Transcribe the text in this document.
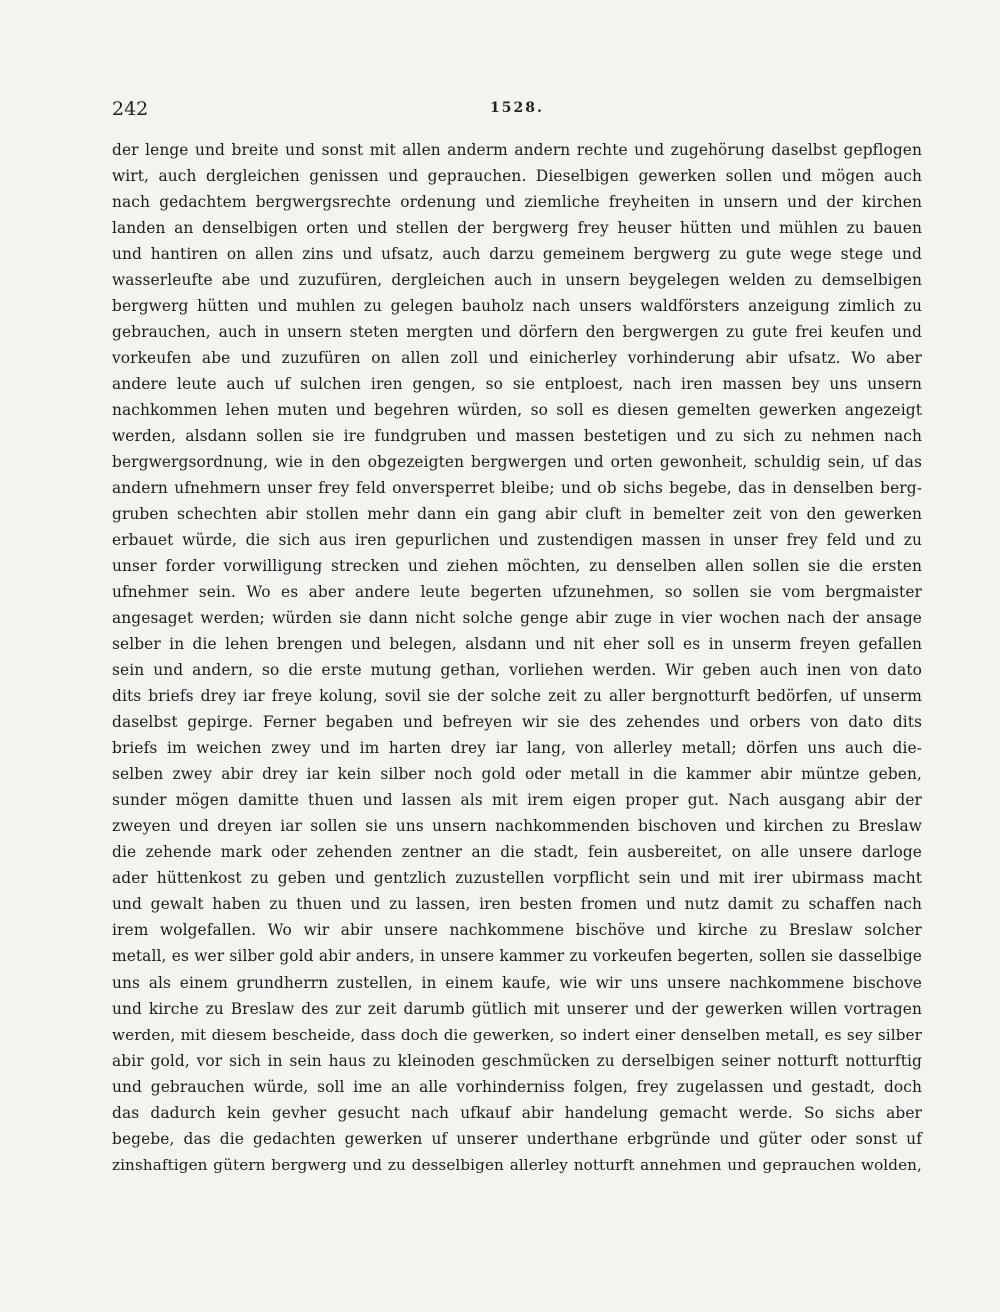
242	1528.
der lenge und breite und sonst mit allen anderm andern rechte und zugehörung daselbst gepflogen
wirt, auch dergleichen genissen und geprauchen. Dieselbigen gewerken sollen und mögen auch
nach gedachtem bergwergsrechte ordenung und ziemliche freyheiten in unsern und der kirchen
landen an denselbigen orten und stellen der bergwerg frey heuser hütten und mühlen zu bauen
und hantiren on allen zins und ufsatz, auch darzu gemeinem bergwerg zu gute wege stege und
wasserleufte abe und zuzufüren, dergleichen auch in unsern beygelegen welden zu demselbigen
bergwerg hütten und muhlen zu gelegen bauholz nach unsers waldförsters anzeigung zimlich zu
gebrauchen, auch in unsern steten mergten und dörfern den bergwergen zu gute frei keufen und
vorkeufen abe und zuzufüren on allen zoll und einicherley vorhinderung abir ufsatz. Wo aber
andere leute auch uf sulchen iren gengen, so sie entploest, nach iren massen bey uns unsern
nachkommen lehen muten und begehren würden, so soll es diesen gemelten gewerken angezeigt
werden, alsdann sollen sie ire fundgruben und massen bestetigen und zu sich zu nehmen nach
bergwergsordnung, wie in den obgezeigten bergwergen und orten gewonheit, schuldig sein, uf das
andern ufnehmern unser frey feld onversperret bleibe; und ob sichs begebe, das in denselben berg-
gruben schechten abir stollen mehr dann ein gang abir cluft in bemelter zeit von den gewerken
erbauet würde, die sich aus iren gepurlichen und zustendigen massen in unser frey feld und zu
unser forder vorwilligung strecken und ziehen möchten, zu denselben allen sollen sie die ersten
ufnehmer sein. Wo es aber andere leute begerten ufzunehmen, so sollen sie vom bergmaister
angesaget werden; würden sie dann nicht solche genge abir zuge in vier wochen nach der ansage
selber in die lehen brengen und belegen, alsdann und nit eher soll es in unserm freyen gefallen
sein und andern, so die erste mutung gethan, vorliehen werden. Wir geben auch inen von dato
dits briefs drey iar freye kolung, sovil sie der solche zeit zu aller bergnotturft bedörfen, uf unserm
daselbst gepirge. Ferner begaben und befreyen wir sie des zehendes und orbers von dato dits
briefs im weichen zwey und im harten drey iar lang, von allerley metall; dörfen uns auch die-
selben zwey abir drey iar kein silber noch gold oder metall in die kammer abir müntze geben,
sunder mögen damitte thuen und lassen als mit irem eigen proper gut. Nach ausgang abir der
zweyen und dreyen iar sollen sie uns unsern nachkommenden bischoven und kirchen zu Breslaw
die zehende mark oder zehenden zentner an die stadt, fein ausbereitet, on alle unsere darloge
ader hüttenkost zu geben und gentzlich zuzustellen vorpflicht sein und mit irer ubirmass macht
und gewalt haben zu thuen und zu lassen, iren besten fromen und nutz damit zu schaffen nach
irem wolgefallen. Wo wir abir unsere nachkommene bischöve und kirche zu Breslaw solcher
metall, es wer silber gold abir anders, in unsere kammer zu vorkeufen begerten, sollen sie dasselbige
uns als einem grundherrn zustellen, in einem kaufe, wie wir uns unsere nachkommene bischove
und kirche zu Breslaw des zur zeit darumb gütlich mit unserer und der gewerken willen vortragen
werden, mit diesem bescheide, dass doch die gewerken, so indert einer denselben metall, es sey silber
abir gold, vor sich in sein haus zu kleinoden geschmücken zu derselbigen seiner notturft notturftig
und gebrauchen würde, soll ime an alle vorhinderniss folgen, frey zugelassen und gestadt, doch
das dadurch kein gevher gesucht nach ufkauf abir handelung gemacht werde. So sichs aber
begebe, das die gedachten gewerken uf unserer underthane erbgründe und güter oder sonst uf
zinshaftigen gütern bergwerg und zu desselbigen allerley notturft annehmen und geprauchen wolden,
